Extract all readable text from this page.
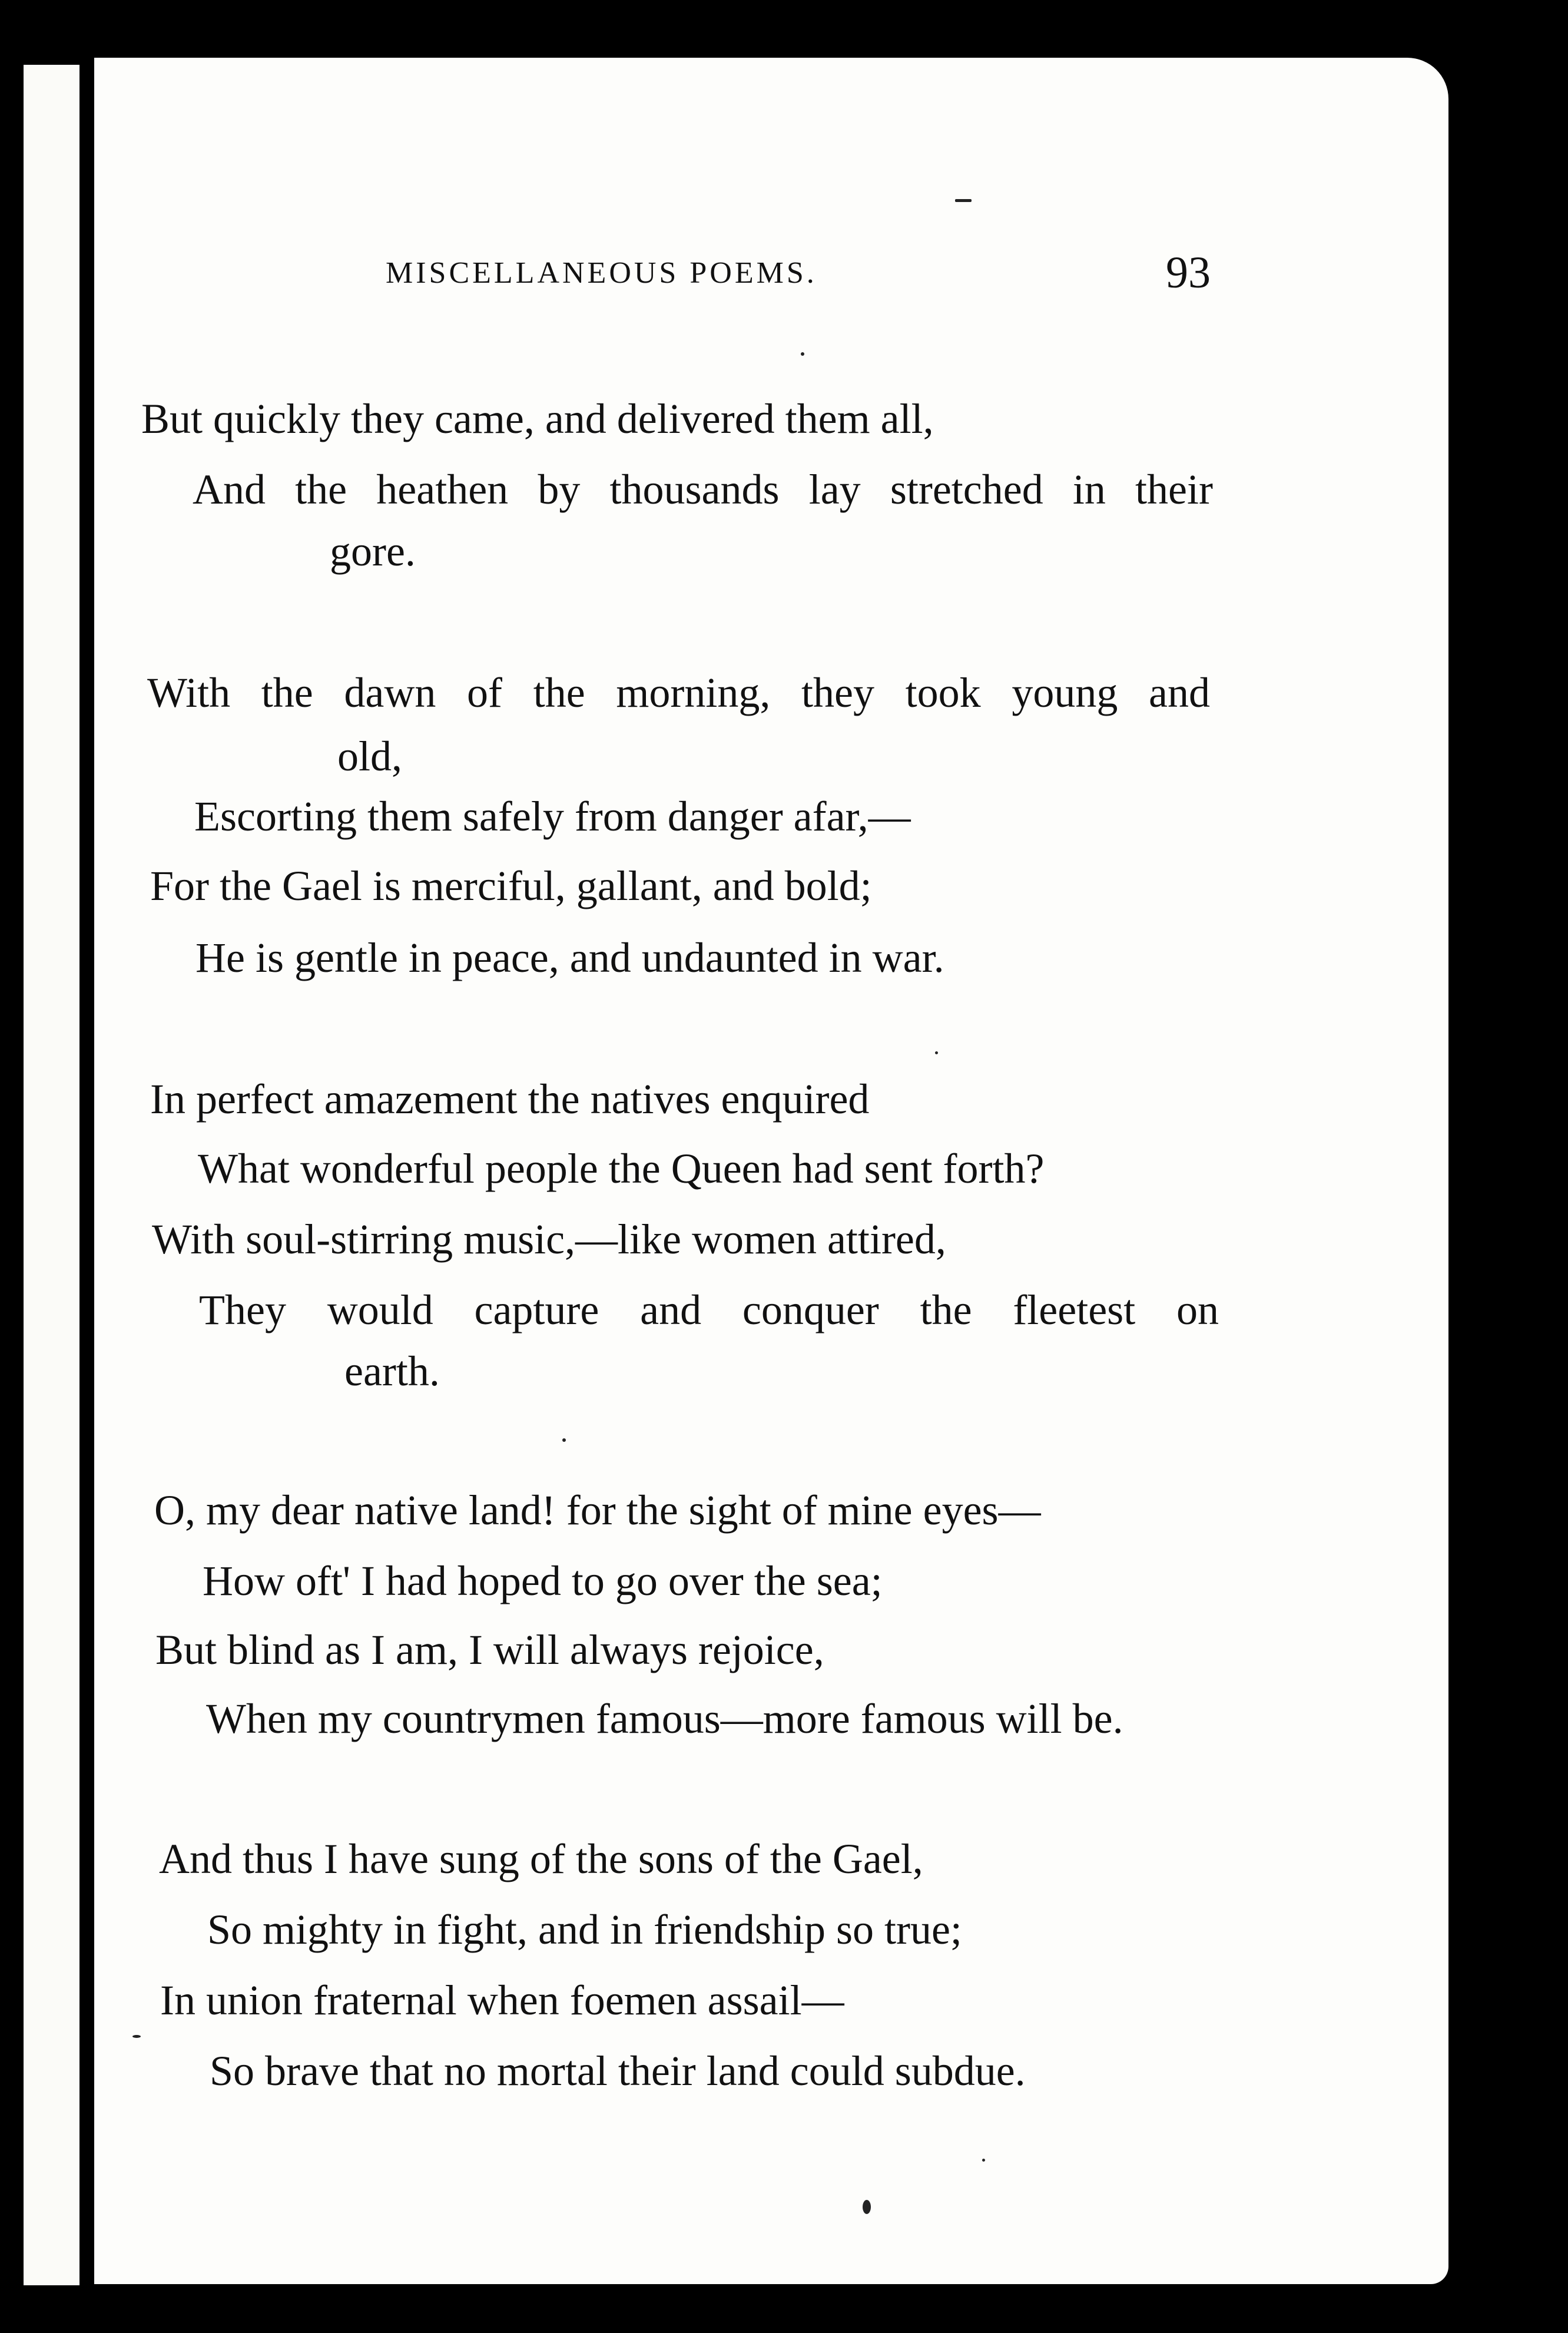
MISCELLANEOUS POEMS.	93
But quickly they came, and delivered them all,
And the heathen by thousands lay stretched in their
gore.
With the dawn of the morning, they took young and
old,
Escorting them safely from danger afar,—
For the Gael is merciful, gallant, and bold;
He is gentle in peace, and undaunted in war.
In perfect amazement the natives enquired
What wonderful people the Queen had sent forth?
With soul-stirring music,—like women attired,
They would capture and conquer the fleetest on
earth.
O, my dear native land! for the sight of mine eyes—
How oft' I had hoped to go over the sea;
But blind as I am, I will always rejoice,
When my countrymen famous—more famous will be.
And thus I have sung of the sons of the Gael,
So mighty in fight, and in friendship so true;
In union fraternal when foemen assail—
So brave that no mortal their land could subdue.
